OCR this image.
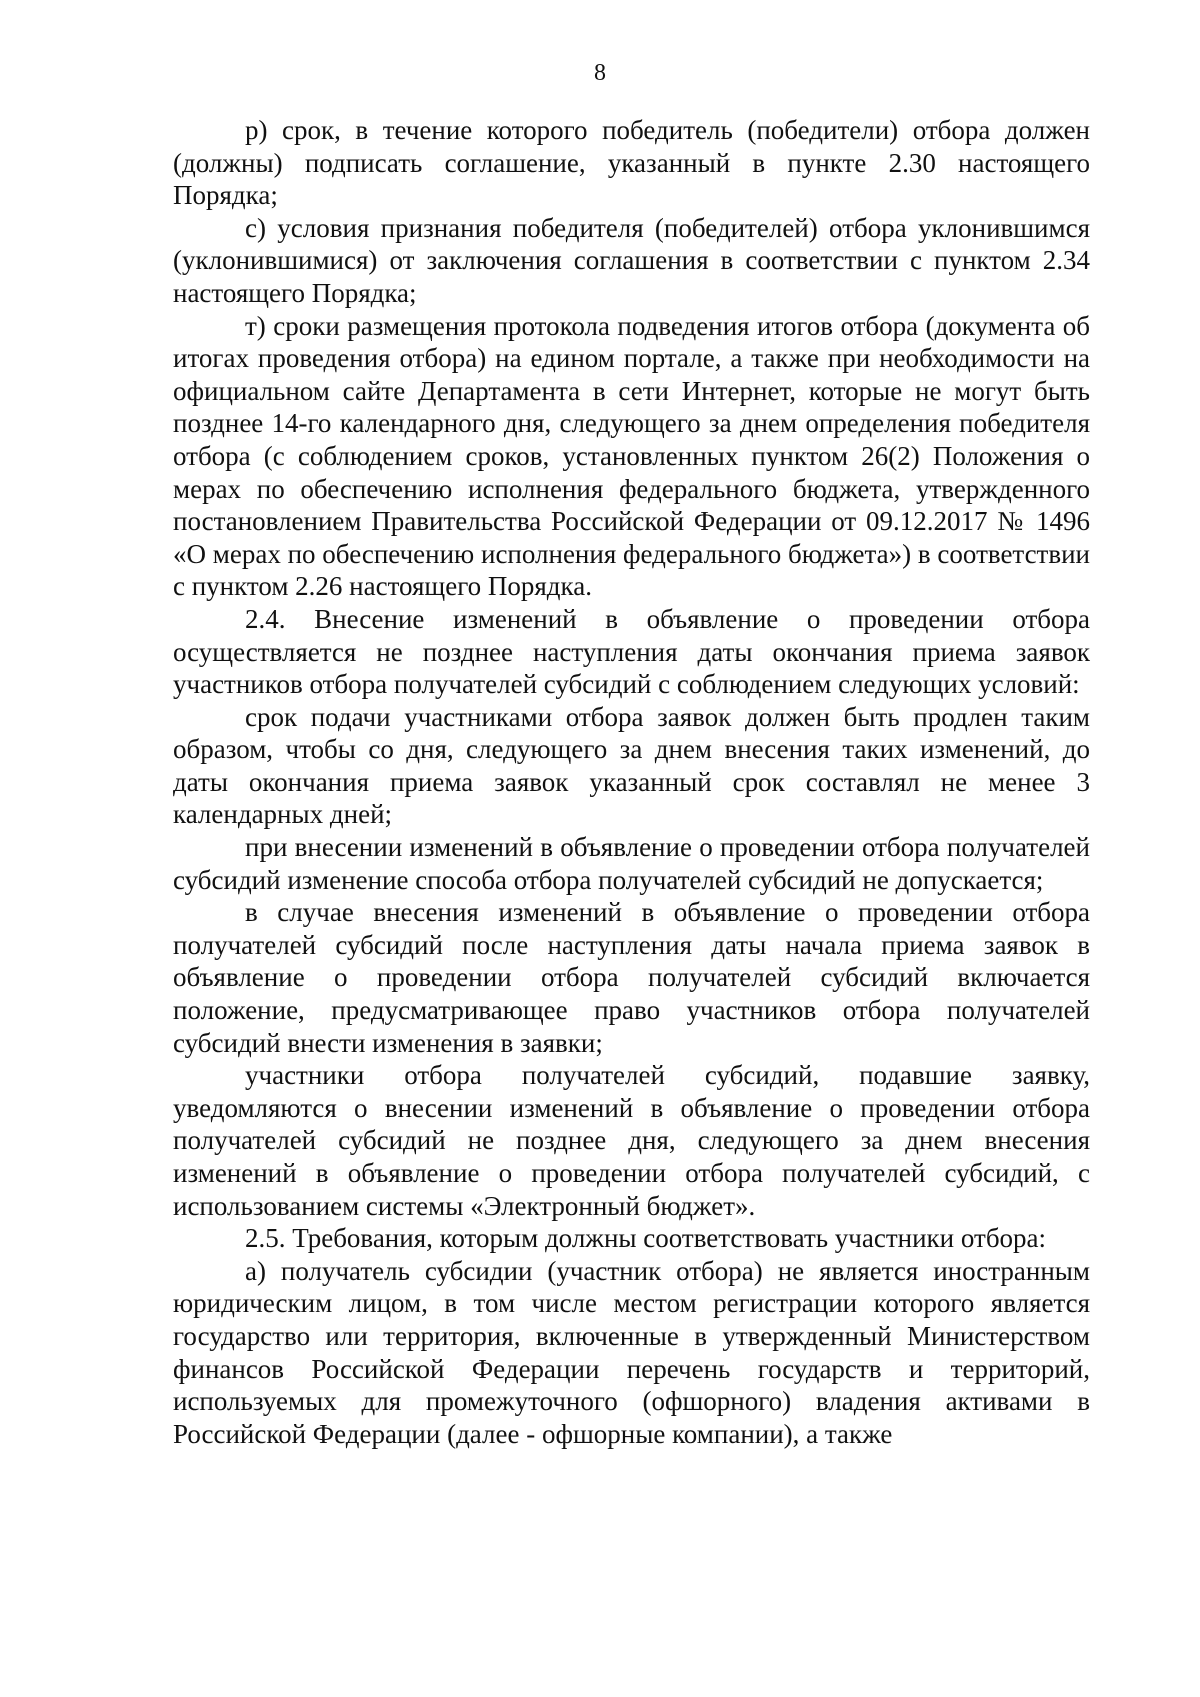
8

р) срок, в течение которого победитель (победители) отбора должен (должны) подписать соглашение, указанный в пункте 2.30 настоящего Порядка;

с) условия признания победителя (победителей) отбора уклонившимся (уклонившимися) от заключения соглашения в соответствии с пунктом 2.34 настоящего Порядка;

т) сроки размещения протокола подведения итогов отбора (документа об итогах проведения отбора) на едином портале, а также при необходимости на официальном сайте Департамента в сети Интернет, которые не могут быть позднее 14-го календарного дня, следующего за днем определения победителя отбора (с соблюдением сроков, установленных пунктом 26(2) Положения о мерах по обеспечению исполнения федерального бюджета, утвержденного постановлением Правительства Российской Федерации от 09.12.2017 № 1496 «О мерах по обеспечению исполнения федерального бюджета») в соответствии с пунктом 2.26 настоящего Порядка.

2.4. Внесение изменений в объявление о проведении отбора осуществляется не позднее наступления даты окончания приема заявок участников отбора получателей субсидий с соблюдением следующих условий:

срок подачи участниками отбора заявок должен быть продлен таким образом, чтобы со дня, следующего за днем внесения таких изменений, до даты окончания приема заявок указанный срок составлял не менее 3 календарных дней;

при внесении изменений в объявление о проведении отбора получателей субсидий изменение способа отбора получателей субсидий не допускается;

в случае внесения изменений в объявление о проведении отбора получателей субсидий после наступления даты начала приема заявок в объявление о проведении отбора получателей субсидий включается положение, предусматривающее право участников отбора получателей субсидий внести изменения в заявки;

участники отбора получателей субсидий, подавшие заявку, уведомляются о внесении изменений в объявление о проведении отбора получателей субсидий не позднее дня, следующего за днем внесения изменений в объявление о проведении отбора получателей субсидий, с использованием системы «Электронный бюджет».

2.5. Требования, которым должны соответствовать участники отбора:

а) получатель субсидии (участник отбора) не является иностранным юридическим лицом, в том числе местом регистрации которого является государство или территория, включенные в утвержденный Министерством финансов Российской Федерации перечень государств и территорий, используемых для промежуточного (офшорного) владения активами в Российской Федерации (далее - офшорные компании), а также
